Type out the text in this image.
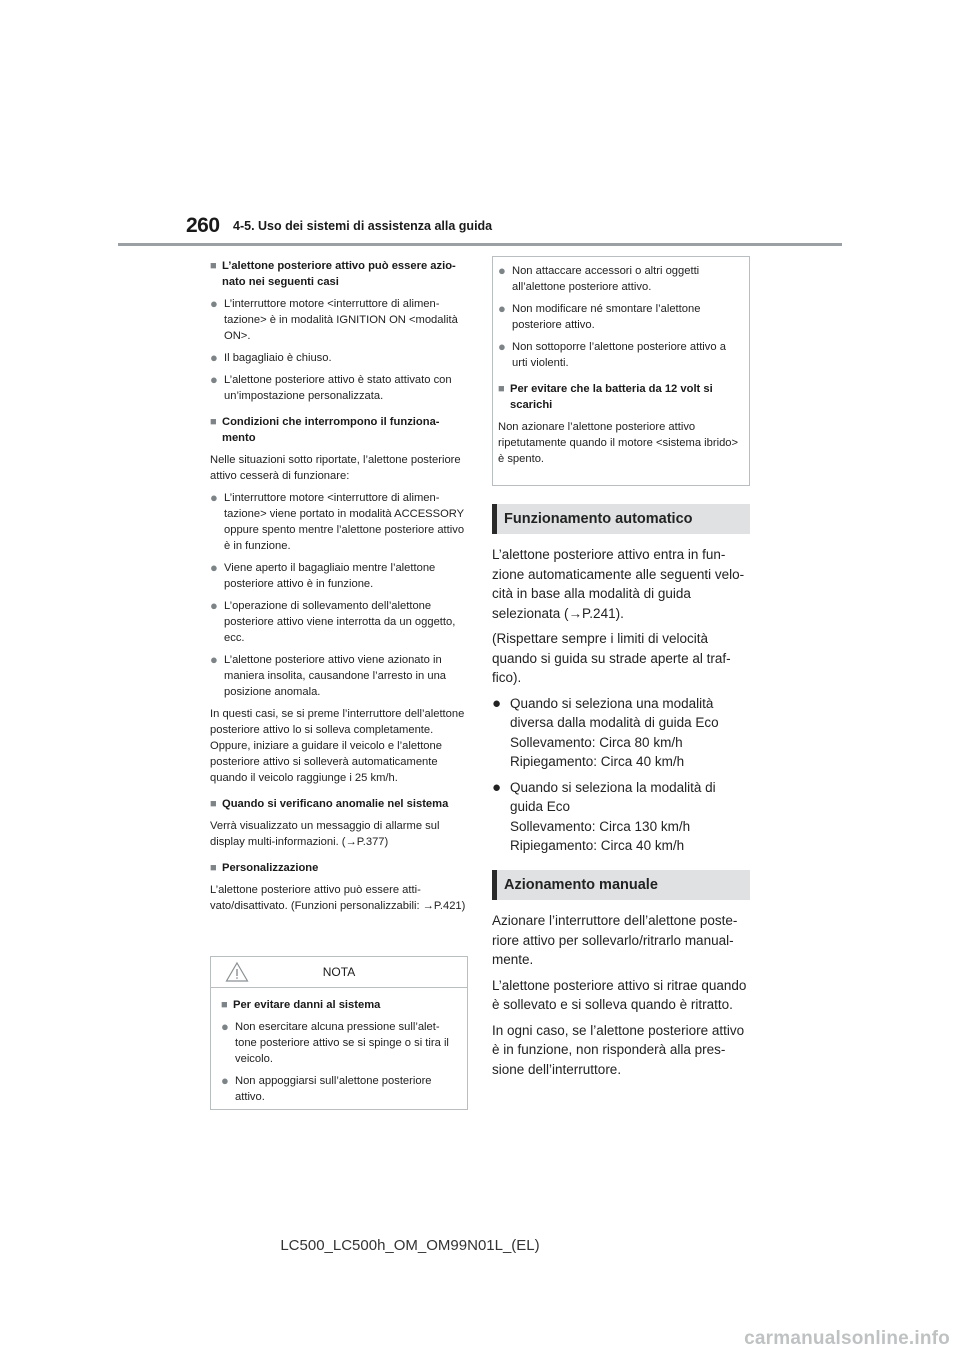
260 4-5. Uso dei sistemi di assistenza alla guida
■ L’alettone posteriore attivo può essere azionato nei seguenti casi
● L’interruttore motore <interruttore di alimentazione> è in modalità IGNITION ON <modalità ON>.
● Il bagagliaio è chiuso.
● L’alettone posteriore attivo è stato attivato con un’impostazione personalizzata.
■ Condizioni che interrompono il funzionamento
Nelle situazioni sotto riportate, l’alettone posteriore attivo cesserà di funzionare:
● L’interruttore motore <interruttore di alimentazione> viene portato in modalità ACCESSORY oppure spento mentre l’alettone posteriore attivo è in funzione.
● Viene aperto il bagagliaio mentre l’alettone posteriore attivo è in funzione.
● L’operazione di sollevamento dell’alettone posteriore attivo viene interrotta da un oggetto, ecc.
● L’alettone posteriore attivo viene azionato in maniera insolita, causandone l’arresto in una posizione anomala.
In questi casi, se si preme l’interruttore dell’alettone posteriore attivo lo si solleva completamente. Oppure, iniziare a guidare il veicolo e l’alettone posteriore attivo si solleverà automaticamente quando il veicolo raggiunge i 25 km/h.
■ Quando si verificano anomalie nel sistema
Verrà visualizzato un messaggio di allarme sul display multi-informazioni. (→P.377)
■ Personalizzazione
L’alettone posteriore attivo può essere attivato/disattivato. (Funzioni personalizzabili: →P.421)
NOTA
■ Per evitare danni al sistema
● Non esercitare alcuna pressione sull’alettone posteriore attivo se si spinge o si tira il veicolo.
● Non appoggiarsi sull’alettone posteriore attivo.
● Non attaccare accessori o altri oggetti all’alettone posteriore attivo.
● Non modificare né smontare l’alettone posteriore attivo.
● Non sottoporre l’alettone posteriore attivo a urti violenti.
■ Per evitare che la batteria da 12 volt si scarichi
Non azionare l’alettone posteriore attivo ripetutamente quando il motore <sistema ibrido> è spento.
Funzionamento automatico
L’alettone posteriore attivo entra in funzione automaticamente alle seguenti velocità in base alla modalità di guida selezionata (→P.241).
(Rispettare sempre i limiti di velocità quando si guida su strade aperte al traffico).
● Quando si seleziona una modalità diversa dalla modalità di guida Eco
Sollevamento: Circa 80 km/h
Ripiegamento: Circa 40 km/h
● Quando si seleziona la modalità di guida Eco
Sollevamento: Circa 130 km/h
Ripiegamento: Circa 40 km/h
Azionamento manuale
Azionare l’interruttore dell’alettone posteriore attivo per sollevarlo/ritrarlo manualmente.
L’alettone posteriore attivo si ritrae quando è sollevato e si solleva quando è ritratto.
In ogni caso, se l’alettone posteriore attivo è in funzione, non risponderà alla pressione dell’interruttore.
LC500_LC500h_OM_OM99N01L_(EL)
carmanualsonline.info
